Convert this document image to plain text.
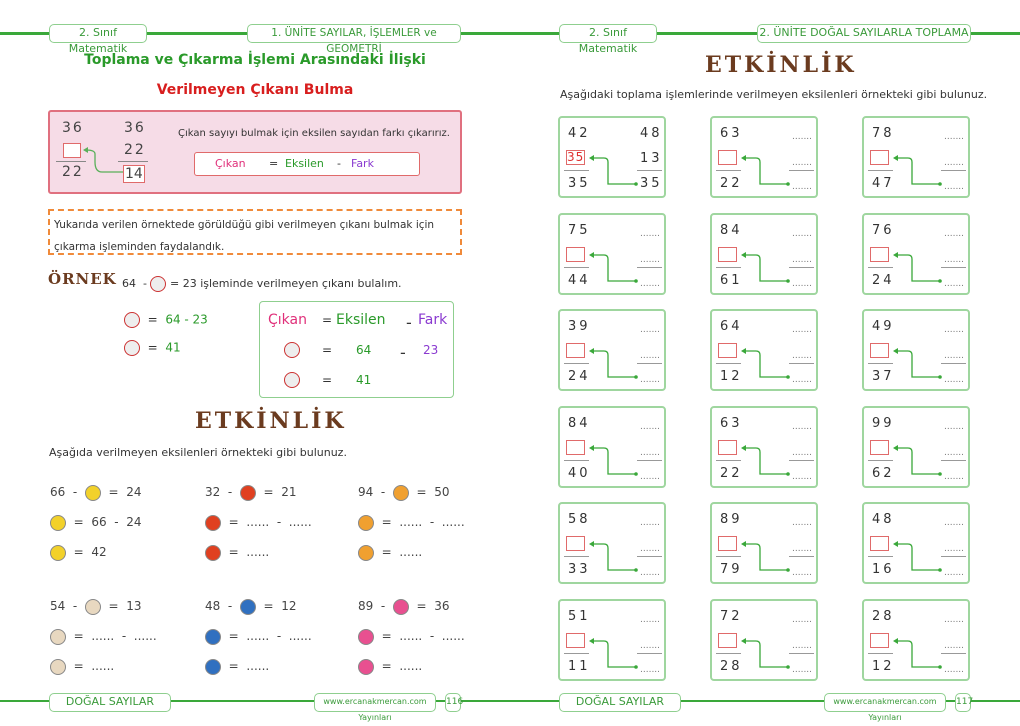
2. Sınıf Matematik
1. ÜNİTE SAYILAR, İŞLEMLER ve GEOMETRİ
Toplama ve Çıkarma İşlemi Arasındaki İlişki
Verilmeyen Çıkanı Bulma
36
22
36
22
14
Çıkan sayıyı bulmak için eksilen sayıdan farkı çıkarırız.
Çıkan = Eksilen - Fark
Yukarıda verilen örnektede görüldüğü gibi verilmeyen çıkanı bulmak için çıkarma işleminden faydalandık.
ÖRNEK 64 - = 23 işleminde verilmeyen çıkanı bulalım.
=  64 - 23
=  41
Çıkan = Eksilen - Fark
= 64 - 23
= 41
ETKİNLİK
Aşağıda verilmeyen eksilenleri örnekteki gibi bulunuz.
66  -    =  24
=  66  -  24
=  42
32  -    =  21
=  ......  -  ......
=  ......
94  -    =  50
=  ......  -  ......
=  ......
54  -    =  13
=  ......  -  ......
=  ......
48  -    =  12
=  ......  -  ......
=  ......
89  -    =  36
=  ......  -  ......
=  ......
DOĞAL SAYILAR	www.ercanakmercan.com Yayınları
116
2. Sınıf Matematik
2. ÜNİTE DOĞAL SAYILARLA TOPLAMA
ETKİNLİK
Aşağıdaki toplama işlemlerinde verilmeyen eksilenleri örnekteki gibi bulunuz.
42
35
35
48
13
35
63
22
.......
.......
.......
78
47
.......
.......
.......
75
44
.......
.......
.......
84
61
.......
.......
.......
76
24
.......
.......
.......
39
24
.......
.......
.......
64
12
.......
.......
.......
49
37
.......
.......
.......
84
40
.......
.......
.......
63
22
.......
.......
.......
99
62
.......
.......
.......
58
33
.......
.......
.......
89
79
.......
.......
.......
48
16
.......
.......
.......
51
11
.......
.......
.......
72
28
.......
.......
.......
28
12
.......
.......
.......
DOĞAL SAYILAR	www.ercanakmercan.com Yayınları
117
